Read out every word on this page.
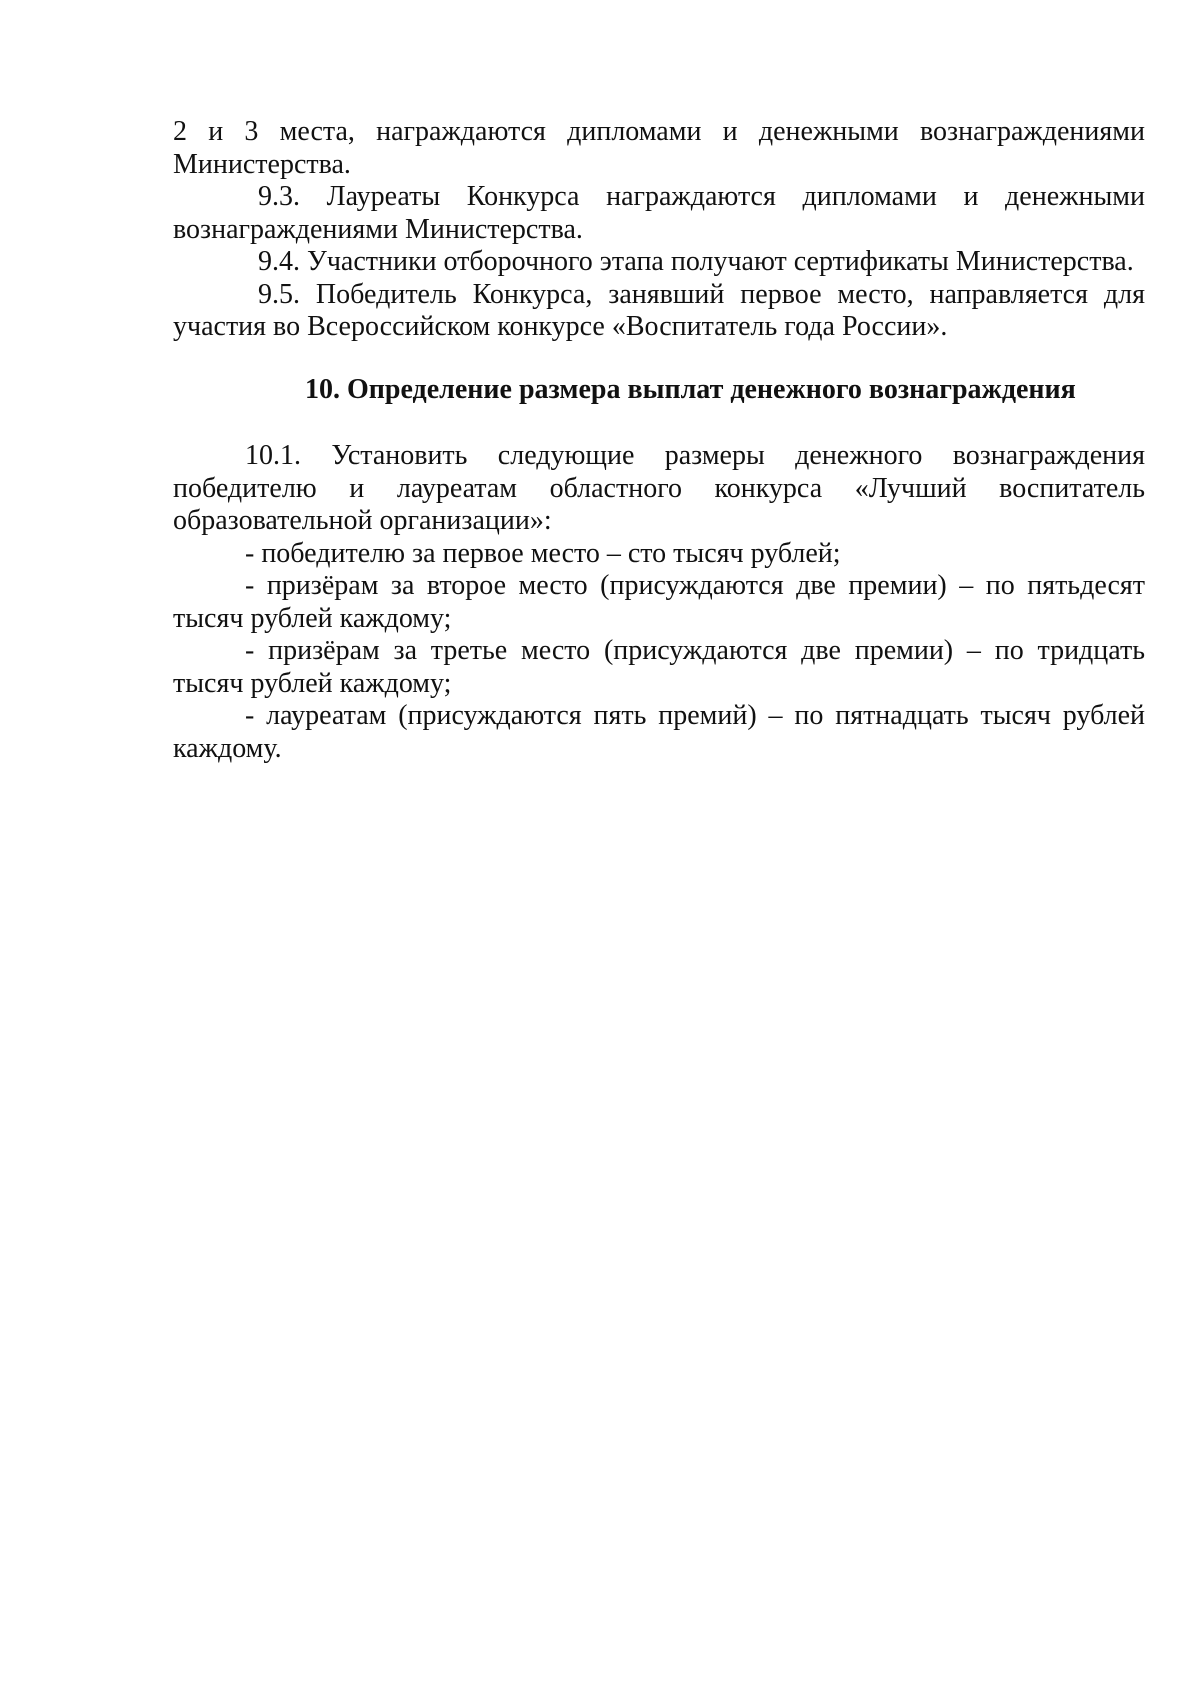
2 и 3 места, награждаются дипломами и денежными вознаграждениями Министерства.

9.3. Лауреаты Конкурса награждаются дипломами и денежными вознаграждениями Министерства.

9.4. Участники отборочного этапа получают сертификаты Министерства.

9.5. Победитель Конкурса, занявший первое место, направляется для участия во Всероссийском конкурсе «Воспитатель года России».

10. Определение размера выплат денежного вознаграждения

10.1. Установить следующие размеры денежного вознаграждения победителю и лауреатам областного конкурса «Лучший воспитатель образовательной организации»:

- победителю за первое место – сто тысяч рублей;

- призёрам за второе место (присуждаются две премии) – по пятьдесят тысяч рублей каждому;

- призёрам за третье место (присуждаются две премии) – по тридцать тысяч рублей каждому;

- лауреатам (присуждаются пять премий) – по пятнадцать тысяч рублей каждому.
